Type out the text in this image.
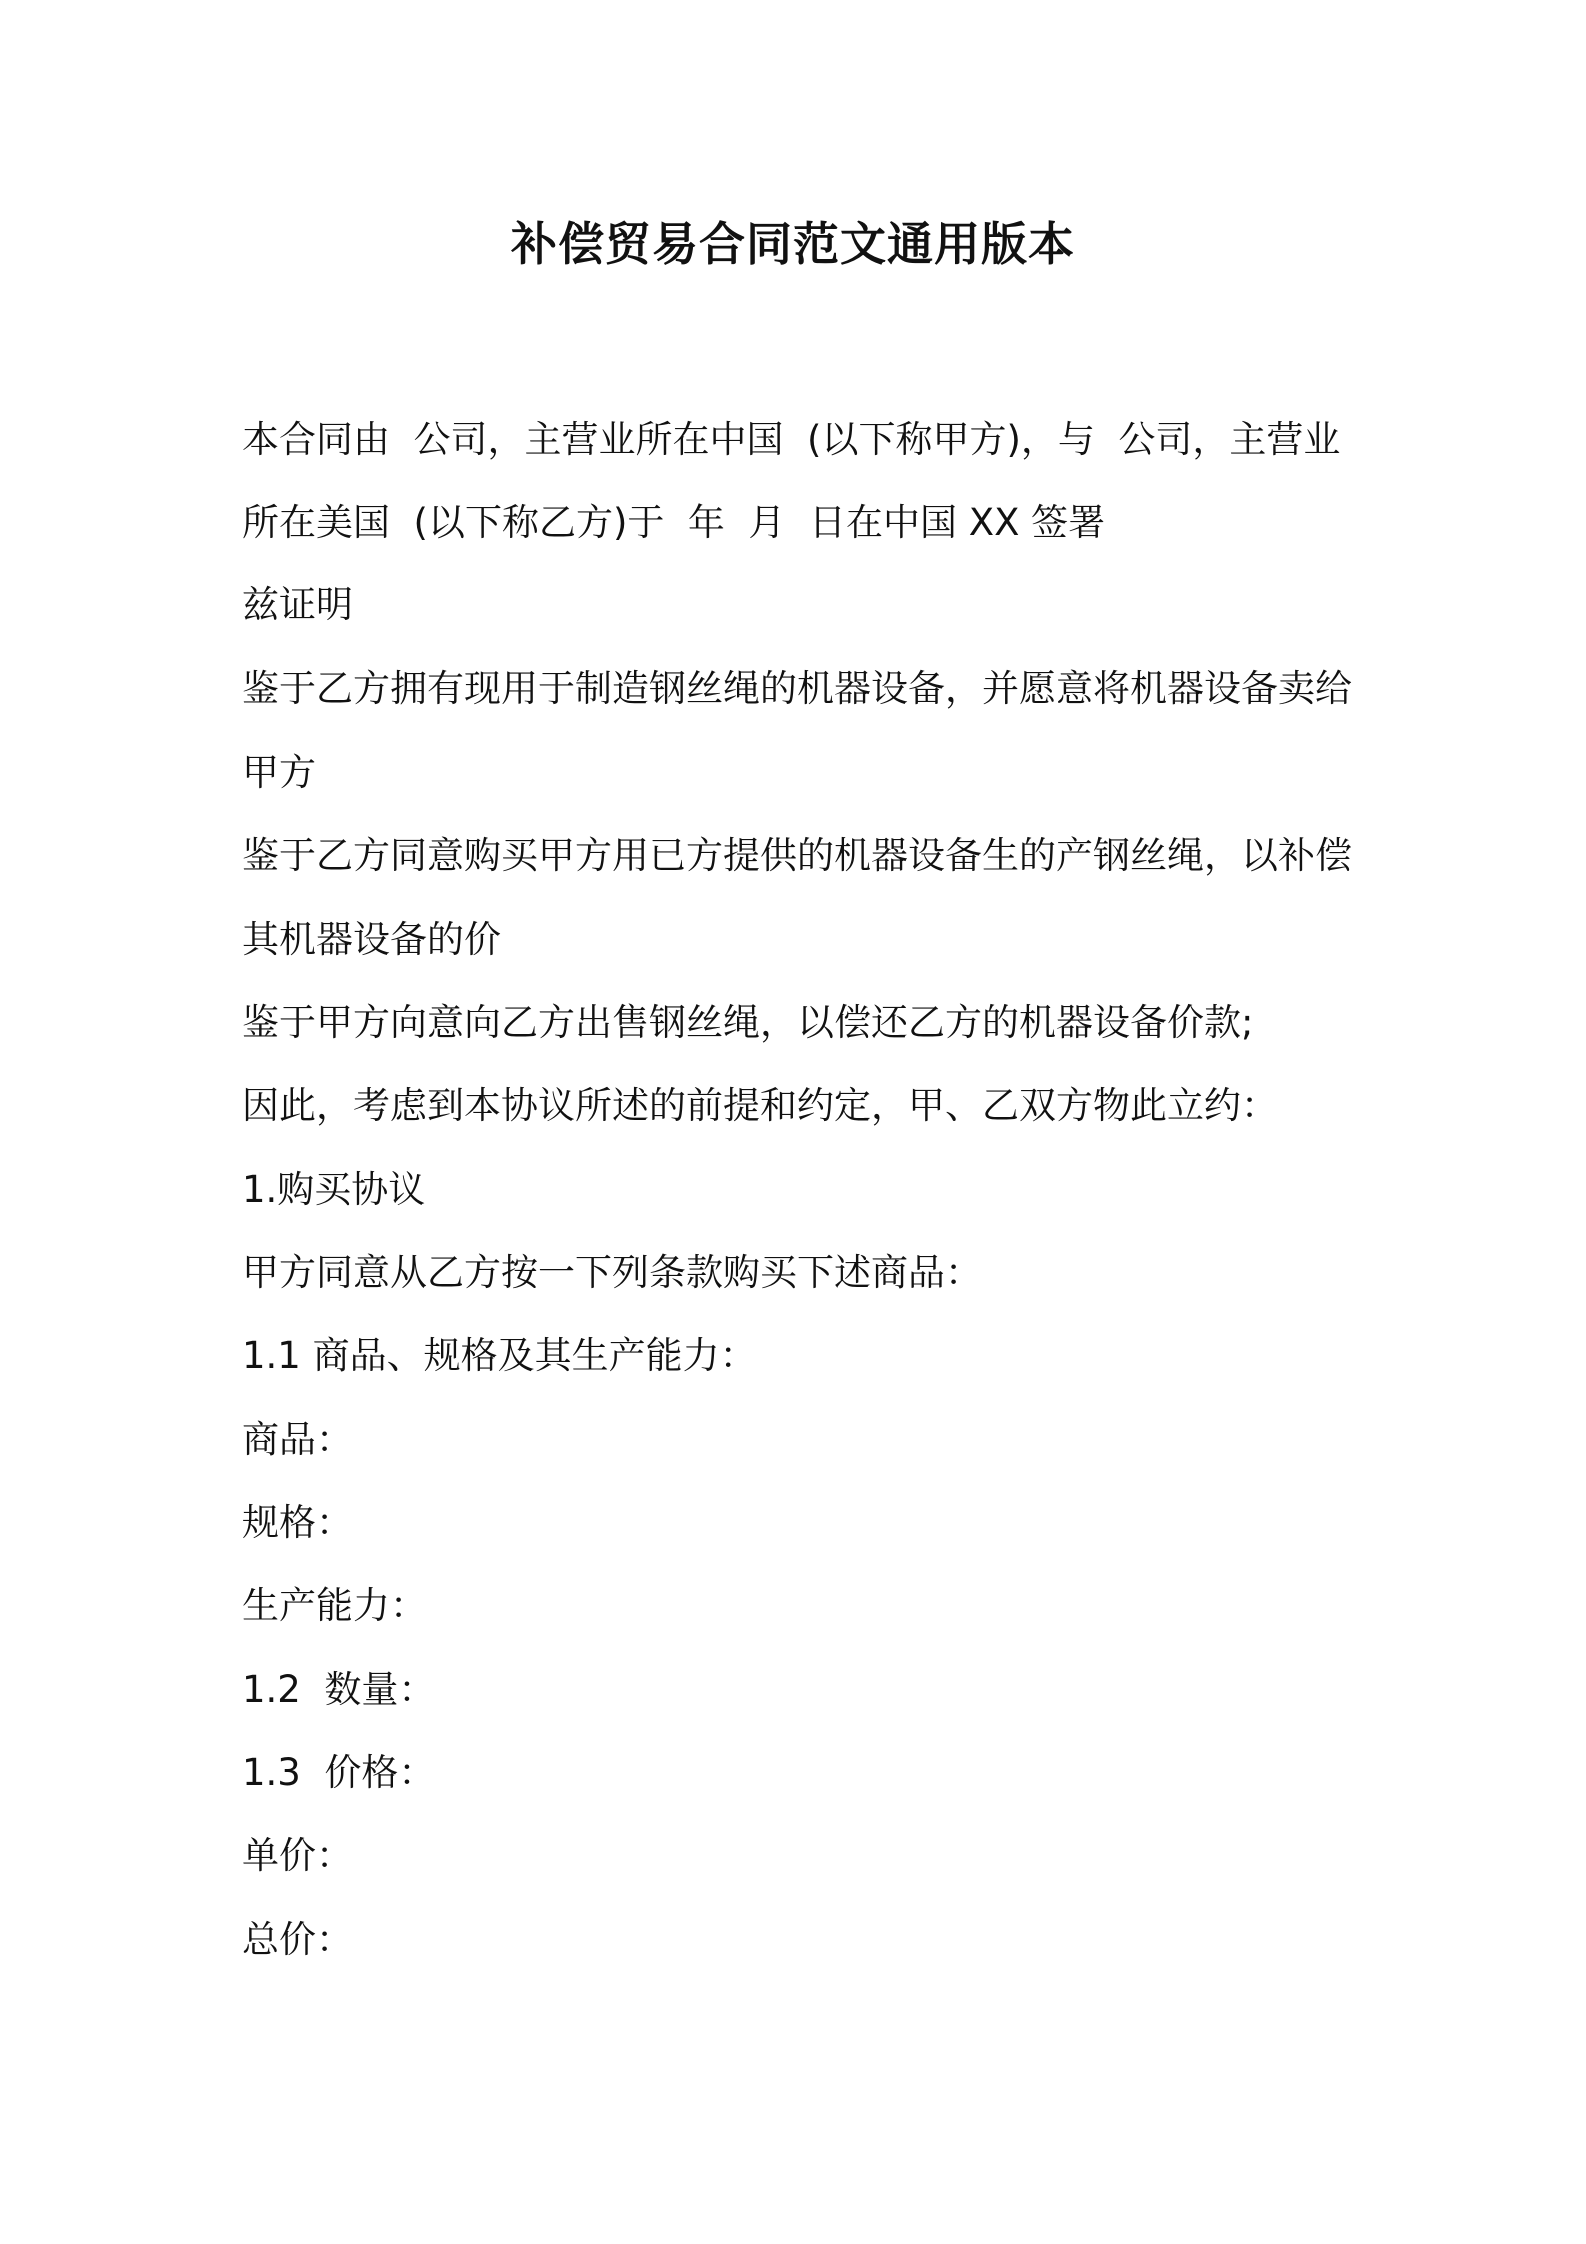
补偿贸易合同范文通用版本

本合同由  公司，主营业所在中国  (以下称甲方)，与  公司，主营业

所在美国  (以下称乙方)于  年  月  日在中国 XX 签署

兹证明

鉴于乙方拥有现用于制造钢丝绳的机器设备，并愿意将机器设备卖给

甲方

鉴于乙方同意购买甲方用已方提供的机器设备生的产钢丝绳，以补偿

其机器设备的价

鉴于甲方向意向乙方出售钢丝绳，以偿还乙方的机器设备价款;

因此，考虑到本协议所述的前提和约定，甲、乙双方物此立约：

1.购买协议

甲方同意从乙方按一下列条款购买下述商品：

1.1 商品、规格及其生产能力：

商品：

规格：

生产能力：

1.2  数量：

1.3  价格：

单价：

总价：
